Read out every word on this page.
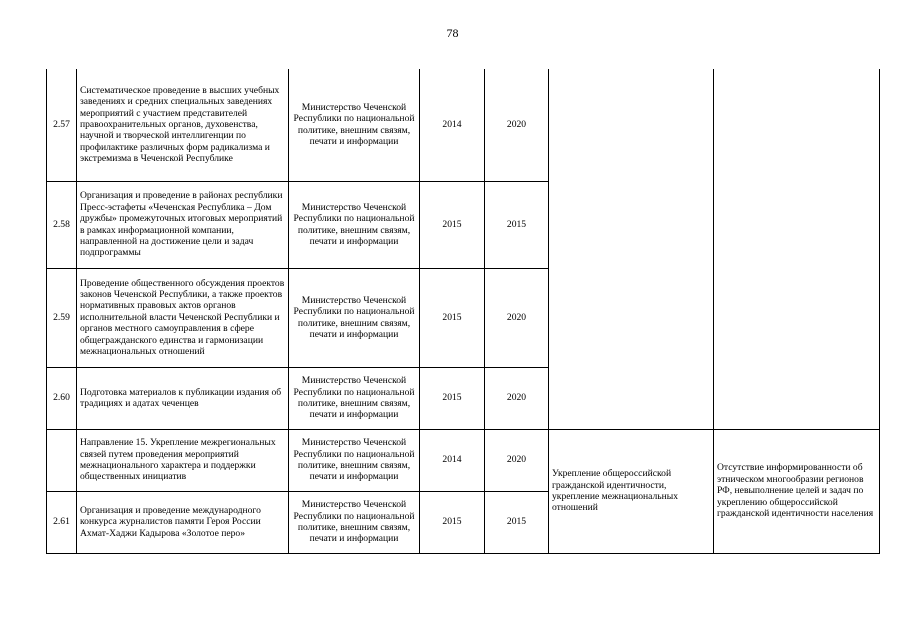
78
2.57	Систематическое проведение в высших учебных заведениях и средних специальных заведениях мероприятий с участием представителей правоохранительных органов, духовенства, научной и творческой интеллигенции по профилактике различных форм радикализма и экстремизма в Чеченской Республике	Министерство Чеченской Республики по национальной политике, внешним связям, печати и информации	2014	2020		
2.58	Организация и проведение в районах республики Пресс-эстафеты «Чеченская Республика – Дом дружбы» промежуточных итоговых мероприятий в рамках информационной компании, направленной на достижение цели и задач подпрограммы	Министерство Чеченской Республики по национальной политике, внешним связям, печати и информации	2015	2015		
2.59	Проведение общественного обсуждения проектов законов Чеченской Республики, а также проектов нормативных правовых актов органов исполнительной власти Чеченской Республики и органов местного самоуправления в сфере общегражданского единства и гармонизации межнациональных отношений	Министерство Чеченской Республики по национальной политике, внешним связям, печати и информации	2015	2020		
2.60	Подготовка материалов к публикации издания об традициях и адатах чеченцев	Министерство Чеченской Республики по национальной политике, внешним связям, печати и информации	2015	2020		
	Направление 15. Укрепление межрегиональных связей путем проведения мероприятий межнационального характера и поддержки общественных инициатив	Министерство Чеченской Республики по национальной политике, внешним связям, печати и информации	2014	2020	Укрепление общероссийской гражданской идентичности, укрепление межнациональных отношений	Отсутствие информированности об этническом многообразии регионов РФ, невыполнение целей и задач по укреплению общероссийской гражданской идентичности населения
2.61	Организация и проведение международного конкурса журналистов памяти Героя России Ахмат-Хаджи Кадырова «Золотое перо»	Министерство Чеченской Республики по национальной политике, внешним связям, печати и информации	2015	2015		
